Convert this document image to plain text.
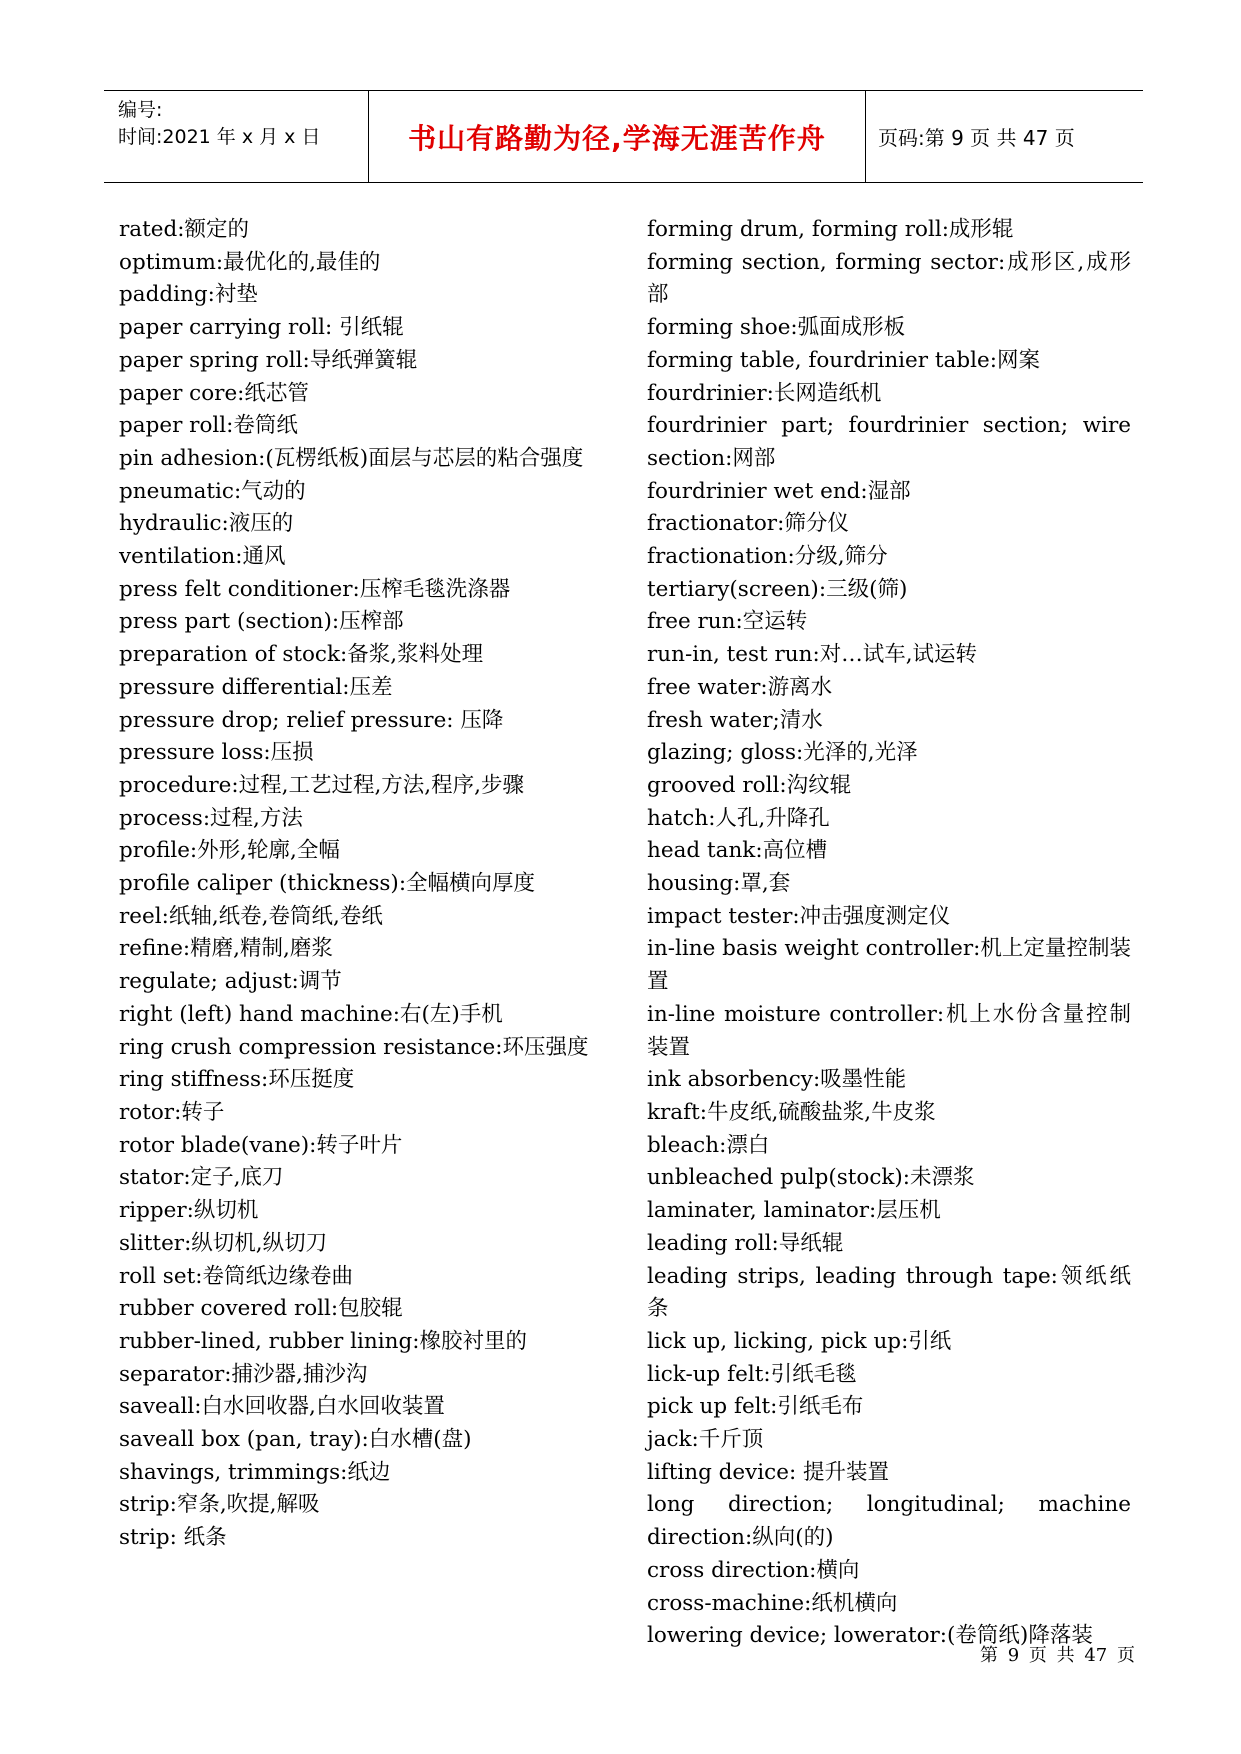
编号:
时间:2021 年 x 月 x 日	书山有路勤为径,学海无涯苦作舟	页码:第 9 页 共 47 页
rated:额定的
optimum:最优化的,最佳的
padding:衬垫
paper carrying roll: 引纸辊
paper spring roll:导纸弹簧辊
paper core:纸芯管
paper roll:卷筒纸
pin adhesion:(瓦楞纸板)面层与芯层的粘合强度
pneumatic:气动的
hydraulic:液压的
ventilation:通风
press felt conditioner:压榨毛毯洗涤器
press part (section):压榨部
preparation of stock:备浆,浆料处理
pressure differential:压差
pressure drop; relief pressure: 压降
pressure loss:压损
procedure:过程,工艺过程,方法,程序,步骤
process:过程,方法
profile:外形,轮廓,全幅
profile caliper (thickness):全幅横向厚度
reel:纸轴,纸卷,卷筒纸,卷纸
refine:精磨,精制,磨浆
regulate; adjust:调节
right (left) hand machine:右(左)手机
ring crush compression resistance:环压强度
ring stiffness:环压挺度
rotor:转子
rotor blade(vane):转子叶片
stator:定子,底刀
ripper:纵切机
slitter:纵切机,纵切刀
roll set:卷筒纸边缘卷曲
rubber covered roll:包胶辊
rubber-lined, rubber lining:橡胶衬里的
separator:捕沙器,捕沙沟
saveall:白水回收器,白水回收装置
saveall box (pan, tray):白水槽(盘)
shavings, trimmings:纸边
strip:窄条,吹提,解吸
strip: 纸条
forming drum, forming roll:成形辊
forming section, forming sector:成形区,成形部
forming shoe:弧面成形板
forming table, fourdrinier table:网案
fourdrinier:长网造纸机
fourdrinier part; fourdrinier section; wire section:网部
fourdrinier wet end:湿部
fractionator:筛分仪
fractionation:分级,筛分
tertiary(screen):三级(筛)
free run:空运转
run-in, test run:对…试车,试运转
free water:游离水
fresh water;清水
glazing; gloss:光泽的,光泽
grooved roll:沟纹辊
hatch:人孔,升降孔
head tank:高位槽
housing:罩,套
impact tester:冲击强度测定仪
in-line basis weight controller:机上定量控制装置
in-line moisture controller:机上水份含量控制装置
ink absorbency:吸墨性能
kraft:牛皮纸,硫酸盐浆,牛皮浆
bleach:漂白
unbleached pulp(stock):未漂浆
laminater, laminator:层压机
leading roll:导纸辊
leading strips, leading through tape:领纸纸条
lick up, licking, pick up:引纸
lick-up felt:引纸毛毯
pick up felt:引纸毛布
jack:千斤顶
lifting device: 提升装置
long direction; longitudinal; machine direction:纵向(的)
cross direction:横向
cross-machine:纸机横向
lowering device; lowerator:(卷筒纸)降落装
第 9 页 共 47 页
